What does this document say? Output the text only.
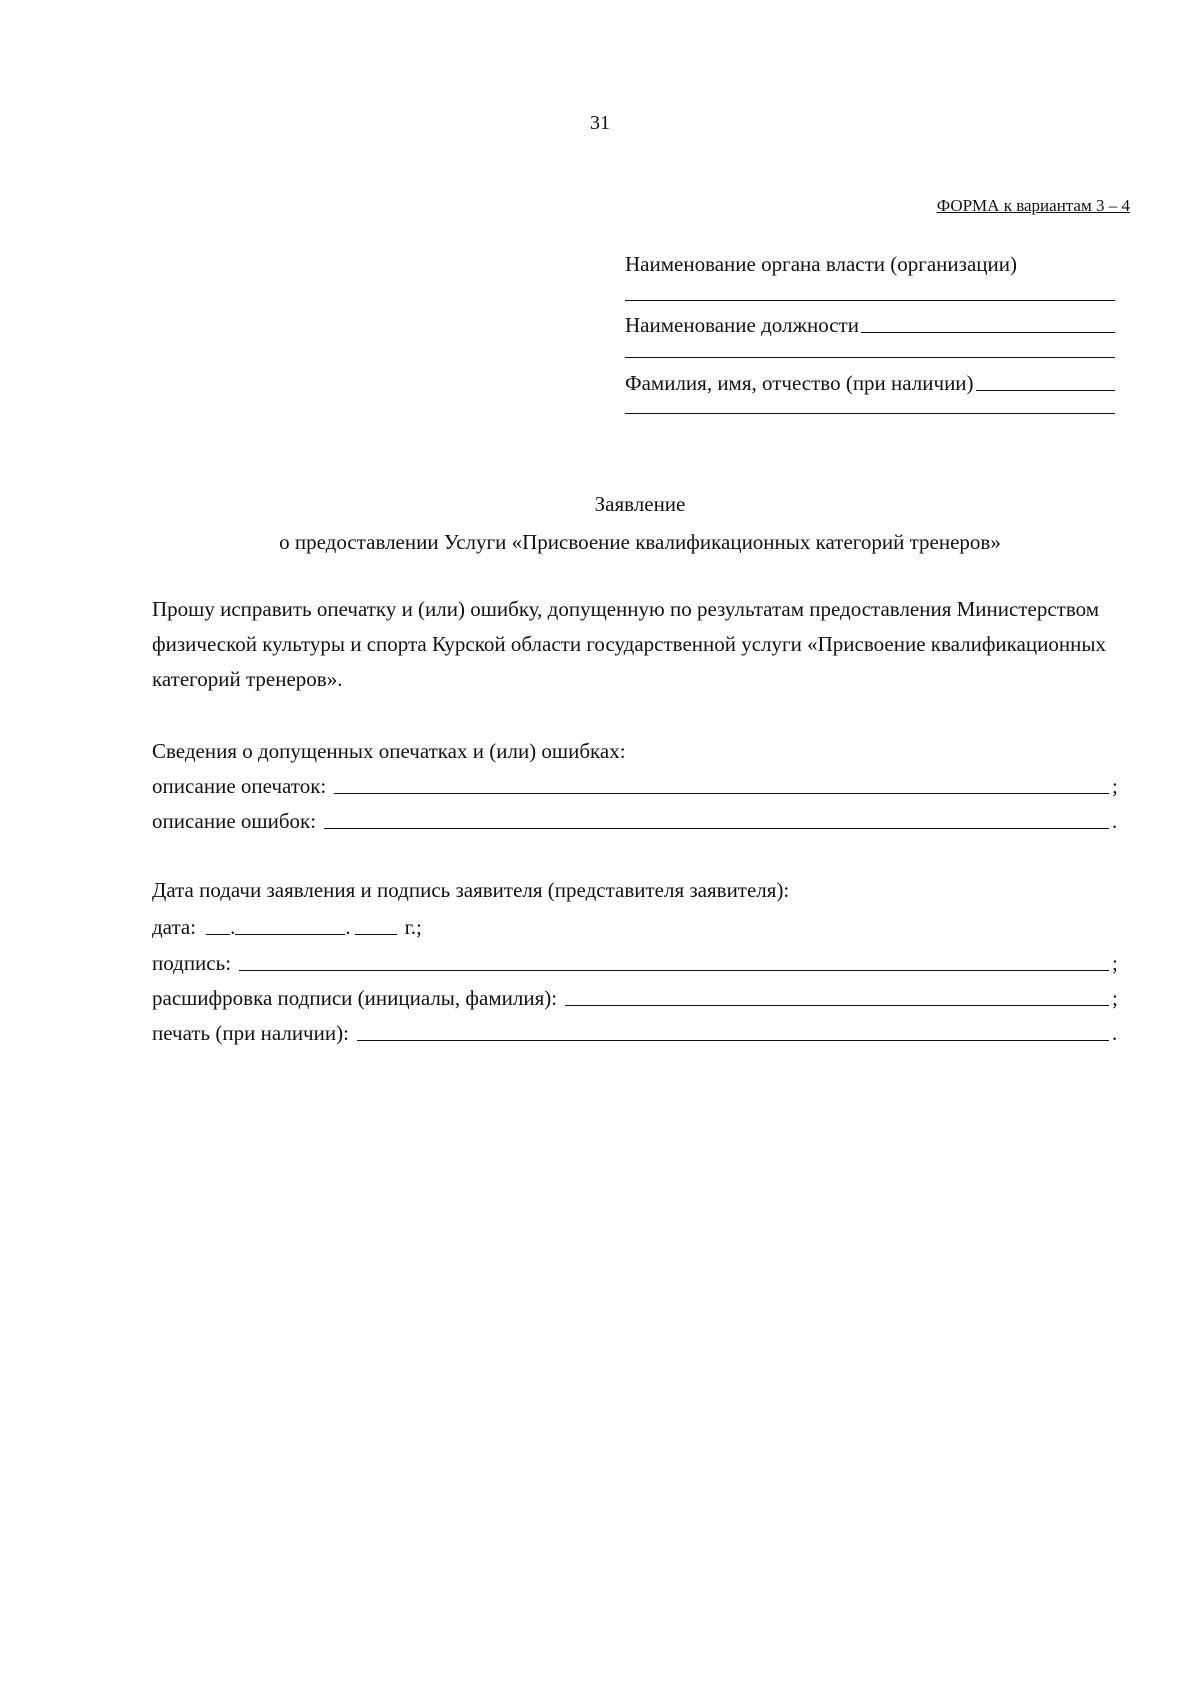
31
ФОРМА к вариантам 3 – 4
Наименование органа власти (организации)
Наименование должности
Фамилия, имя, отчество (при наличии)
Заявление
о предоставлении Услуги «Присвоение квалификационных категорий тренеров»
Прошу исправить опечатку и (или) ошибку, допущенную по результатам предоставления Министерством физической культуры и спорта Курской области государственной услуги «Присвоение квалификационных категорий тренеров».
Сведения о допущенных опечатках и (или) ошибках:
описание опечаток:	;
описание ошибок:	.
Дата подачи заявления и подпись заявителя (представителя заявителя):
дата: .	.	г.;
подпись:	;
расшифровка подписи (инициалы, фамилия):	;
печать (при наличии):	.
